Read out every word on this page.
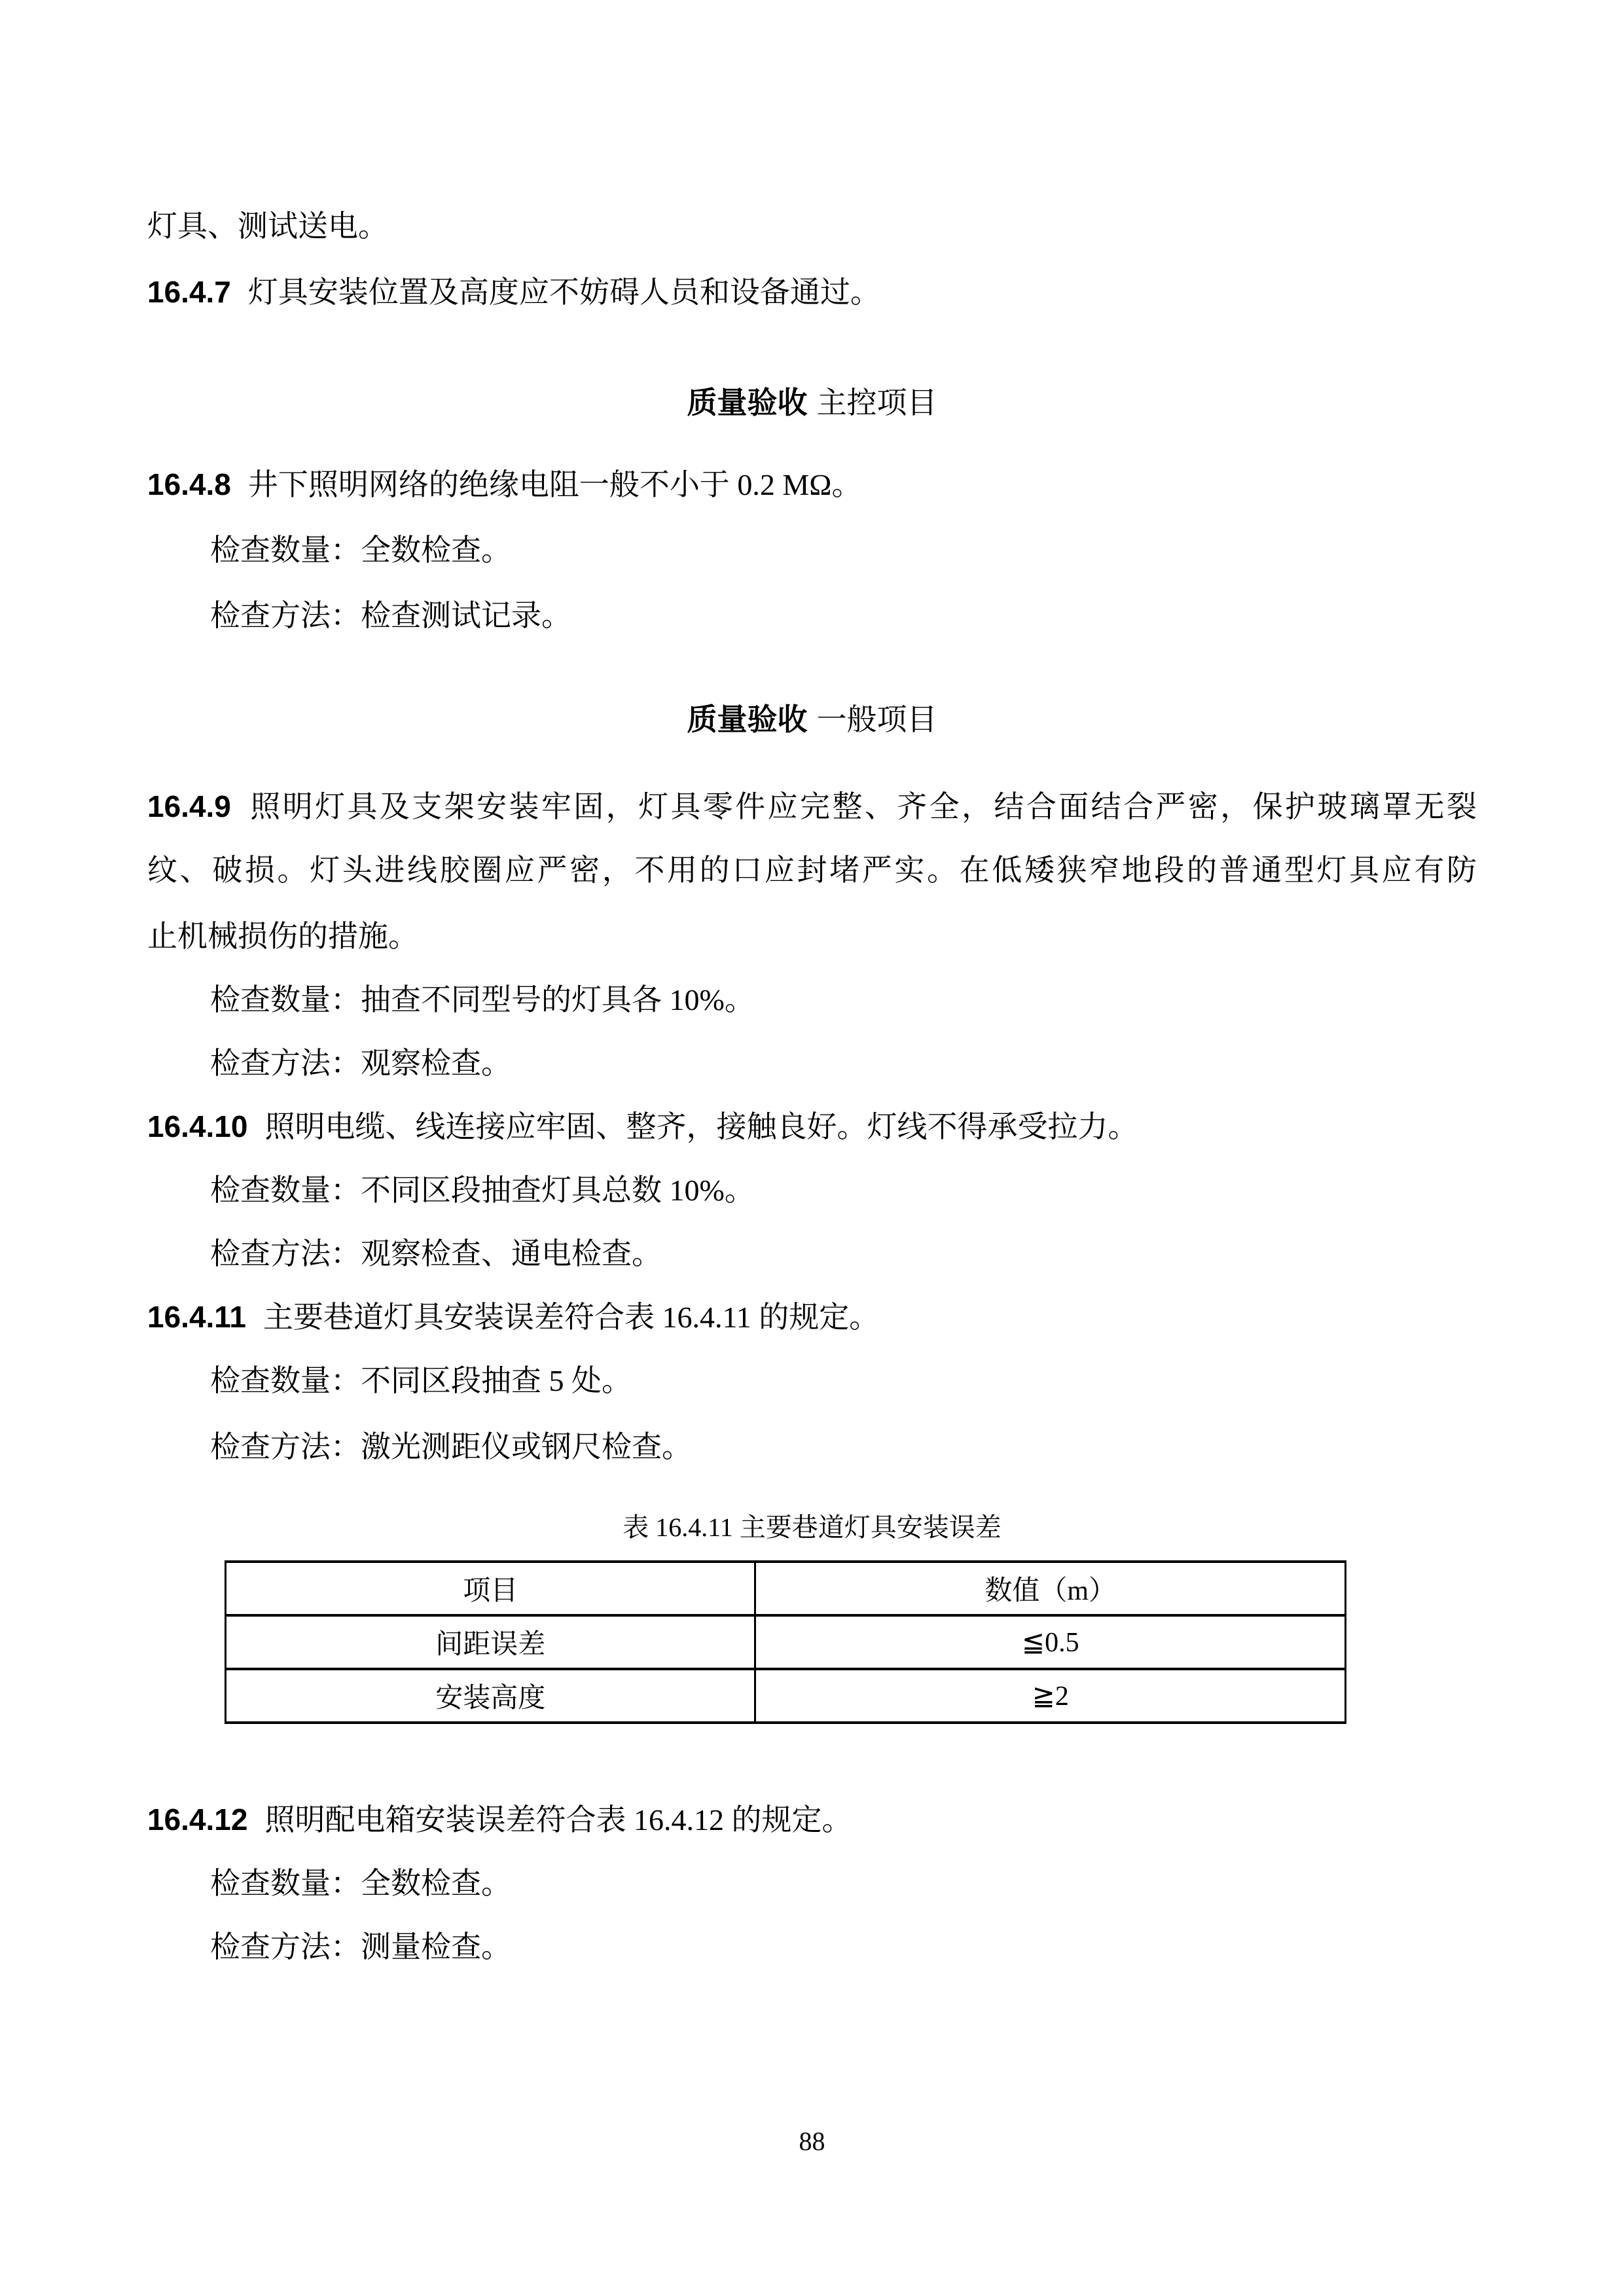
灯具、测试送电。
16.4.7 灯具安装位置及高度应不妨碍人员和设备通过。
质量验收 主控项目
16.4.8 井下照明网络的绝缘电阻一般不小于 0.2 MΩ。
检查数量：全数检查。
检查方法：检查测试记录。
质量验收 一般项目
16.4.9 照明灯具及支架安装牢固，灯具零件应完整、齐全，结合面结合严密，保护玻璃罩无裂
纹、破损。灯头进线胶圈应严密，不用的口应封堵严实。在低矮狭窄地段的普通型灯具应有防
止机械损伤的措施。
检查数量：抽查不同型号的灯具各 10%。
检查方法：观察检查。
16.4.10 照明电缆、线连接应牢固、整齐，接触良好。灯线不得承受拉力。
检查数量：不同区段抽查灯具总数 10%。
检查方法：观察检查、通电检查。
16.4.11 主要巷道灯具安装误差符合表 16.4.11 的规定。
检查数量：不同区段抽查 5 处。
检查方法：激光测距仪或钢尺检查。
表 16.4.11 主要巷道灯具安装误差
项目	数值（m）
间距误差	≦0.5
安装高度	≧2
16.4.12 照明配电箱安装误差符合表 16.4.12 的规定。
检查数量：全数检查。
检查方法：测量检查。
88
